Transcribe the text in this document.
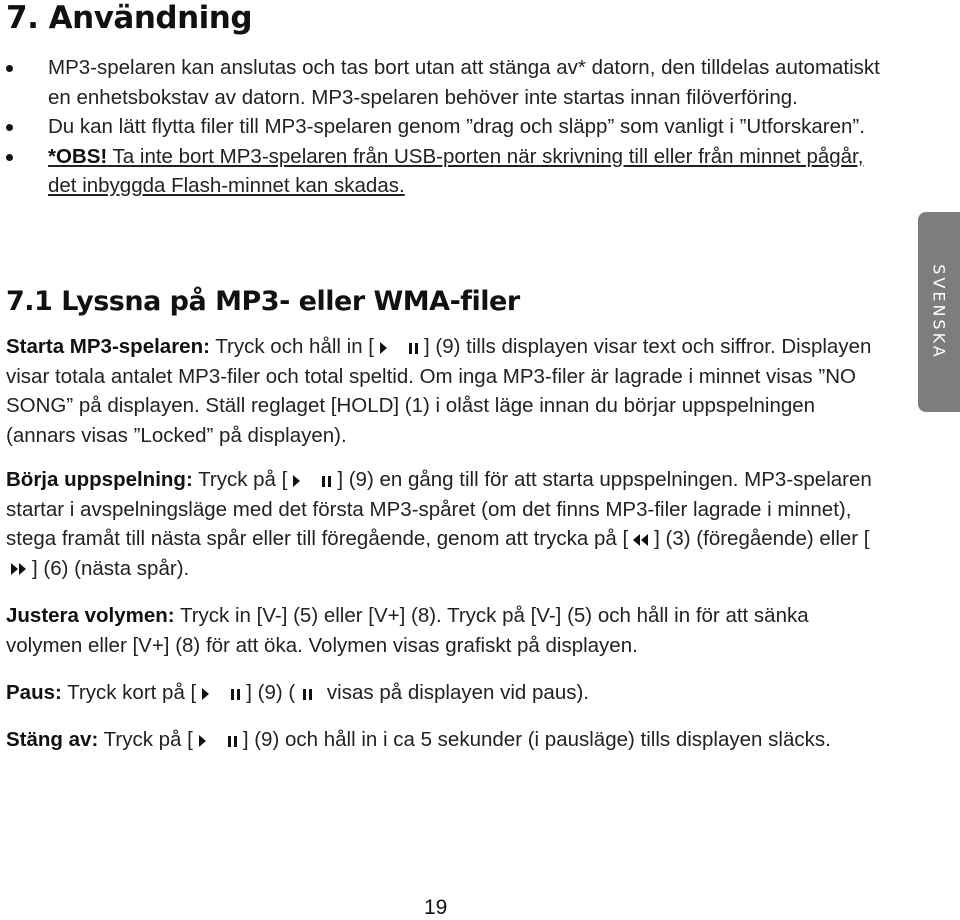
7. Användning
MP3-spelaren kan anslutas och tas bort utan att stänga av* datorn, den tilldelas automatiskt en enhetsbokstav av datorn. MP3-spelaren behöver inte startas innan filöverföring.
Du kan lätt flytta filer till MP3-spelaren genom ”drag och släpp” som vanligt i ”Utforskaren”.
*OBS! Ta inte bort MP3-spelaren från USB-porten när skrivning till eller från minnet pågår, det inbyggda Flash-minnet kan skadas.
7.1 Lyssna på MP3- eller WMA-filer

Starta MP3-spelaren: Tryck och håll in [ ] (9) tills displayen visar text och siffror. Displayen visar totala antalet MP3-filer och total speltid. Om inga MP3-filer är lagrade i minnet visas ”NO SONG” på displayen. Ställ reglaget [HOLD] (1) i olåst läge innan du börjar uppspelningen (annars visas ”Locked” på displayen).

Börja uppspelning: Tryck på [ ] (9) en gång till för att starta uppspelningen. MP3-spelaren startar i avspelningsläge med det första MP3-spåret (om det finns MP3-filer lagrade i minnet), stega framåt till nästa spår eller till föregående, genom att trycka på [ ] (3) (föregående) eller [] (6) (nästa spår).

Justera volymen: Tryck in [V-] (5) eller [V+] (8). Tryck på [V-] (5) och håll in för att sänka volymen eller [V+] (8) för att öka. Volymen visas grafiskt på displayen.

Paus: Tryck kort på [ ] (9) ( visas på displayen vid paus).

Stäng av: Tryck på [ ] (9) och håll in i ca 5 sekunder (i pausläge) tills displayen släcks.

SVENSKA
19
